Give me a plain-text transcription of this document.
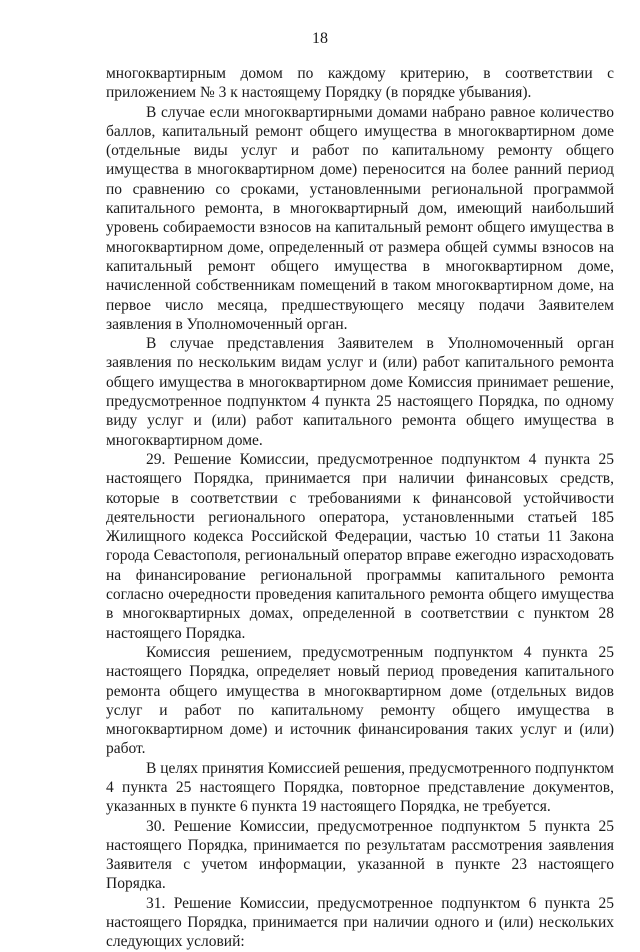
18

многоквартирным домом по каждому критерию, в соответствии с приложением № 3 к настоящему Порядку (в порядке убывания).

В случае если многоквартирными домами набрано равное количество баллов, капитальный ремонт общего имущества в многоквартирном доме (отдельные виды услуг и работ по капитальному ремонту общего имущества в многоквартирном доме) переносится на более ранний период по сравнению со сроками, установленными региональной программой капитального ремонта, в многоквартирный дом, имеющий наибольший уровень собираемости взносов на капитальный ремонт общего имущества в многоквартирном доме, определенный от размера общей суммы взносов на капитальный ремонт общего имущества в многоквартирном доме, начисленной собственникам помещений в таком многоквартирном доме, на первое число месяца, предшествующего месяцу подачи Заявителем заявления в Уполномоченный орган.

В случае представления Заявителем в Уполномоченный орган заявления по нескольким видам услуг и (или) работ капитального ремонта общего имущества в многоквартирном доме Комиссия принимает решение, предусмотренное подпунктом 4 пункта 25 настоящего Порядка, по одному виду услуг и (или) работ капитального ремонта общего имущества в многоквартирном доме.

29. Решение Комиссии, предусмотренное подпунктом 4 пункта 25 настоящего Порядка, принимается при наличии финансовых средств, которые в соответствии с требованиями к финансовой устойчивости деятельности регионального оператора, установленными статьей 185 Жилищного кодекса Российской Федерации, частью 10 статьи 11 Закона города Севастополя, региональный оператор вправе ежегодно израсходовать на финансирование региональной программы капитального ремонта согласно очередности проведения капитального ремонта общего имущества в многоквартирных домах, определенной в соответствии с пунктом 28 настоящего Порядка.

Комиссия решением, предусмотренным подпунктом 4 пункта 25 настоящего Порядка, определяет новый период проведения капитального ремонта общего имущества в многоквартирном доме (отдельных видов услуг и работ по капитальному ремонту общего имущества в многоквартирном доме) и источник финансирования таких услуг и (или) работ.

В целях принятия Комиссией решения, предусмотренного подпунктом 4 пункта 25 настоящего Порядка, повторное представление документов, указанных в пункте 6 пункта 19 настоящего Порядка, не требуется.

30. Решение Комиссии, предусмотренное подпунктом 5 пункта 25 настоящего Порядка, принимается по результатам рассмотрения заявления Заявителя с учетом информации, указанной в пункте 23 настоящего Порядка.

31. Решение Комиссии, предусмотренное подпунктом 6 пункта 25 настоящего Порядка, принимается при наличии одного и (или) нескольких следующих условий:
